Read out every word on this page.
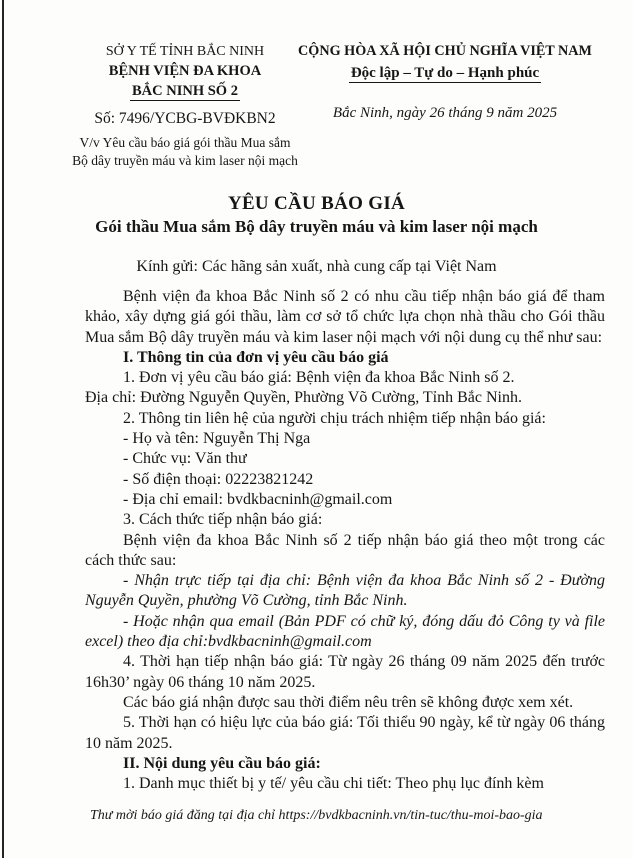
SỞ Y TẾ TỈNH BẮC NINH
BỆNH VIỆN ĐA KHOA
BẮC NINH SỐ 2
Số: 7496/YCBG-BVĐKBN2
V/v Yêu cầu báo giá gói thầu Mua sắm
Bộ dây truyền máu và kim laser nội mạch
CỘNG HÒA XÃ HỘI CHỦ NGHĨA VIỆT NAM
Độc lập – Tự do – Hạnh phúc
Bắc Ninh, ngày 26 tháng 9 năm 2025
YÊU CẦU BÁO GIÁ
Gói thầu Mua sắm Bộ dây truyền máu và kim laser nội mạch
Kính gửi: Các hãng sản xuất, nhà cung cấp tại Việt Nam

Bệnh viện đa khoa Bắc Ninh số 2 có nhu cầu tiếp nhận báo giá để tham khảo, xây dựng giá gói thầu, làm cơ sở tổ chức lựa chọn nhà thầu cho Gói thầu Mua sắm Bộ dây truyền máu và kim laser nội mạch với nội dung cụ thể như sau:

I. Thông tin của đơn vị yêu cầu báo giá

1. Đơn vị yêu cầu báo giá: Bệnh viện đa khoa Bắc Ninh số 2.

Địa chỉ: Đường Nguyễn Quyền, Phường Võ Cường, Tỉnh Bắc Ninh.

2. Thông tin liên hệ của người chịu trách nhiệm tiếp nhận báo giá:

- Họ và tên: Nguyễn Thị Nga

- Chức vụ: Văn thư

- Số điện thoại: 02223821242

- Địa chỉ email: bvdkbacninh@gmail.com

3. Cách thức tiếp nhận báo giá:

Bệnh viện đa khoa Bắc Ninh số 2 tiếp nhận báo giá theo một trong các cách thức sau:

- Nhận trực tiếp tại địa chỉ: Bệnh viện đa khoa Bắc Ninh số 2 - Đường Nguyễn Quyền, phường Võ Cường, tỉnh Bắc Ninh.

- Hoặc nhận qua email (Bản PDF có chữ ký, đóng dấu đỏ Công ty và file excel) theo địa chỉ:bvdkbacninh@gmail.com

4. Thời hạn tiếp nhận báo giá: Từ ngày 26 tháng 09 năm 2025 đến trước 16h30’ ngày 06 tháng 10 năm 2025.

Các báo giá nhận được sau thời điểm nêu trên sẽ không được xem xét.

5. Thời hạn có hiệu lực của báo giá: Tối thiểu 90 ngày, kể từ ngày 06 tháng 10 năm 2025.

II. Nội dung yêu cầu báo giá:

1. Danh mục thiết bị y tế/ yêu cầu chi tiết: Theo phụ lục đính kèm

Thư mời báo giá đăng tại địa chỉ https://bvdkbacninh.vn/tin-tuc/thu-moi-bao-gia
